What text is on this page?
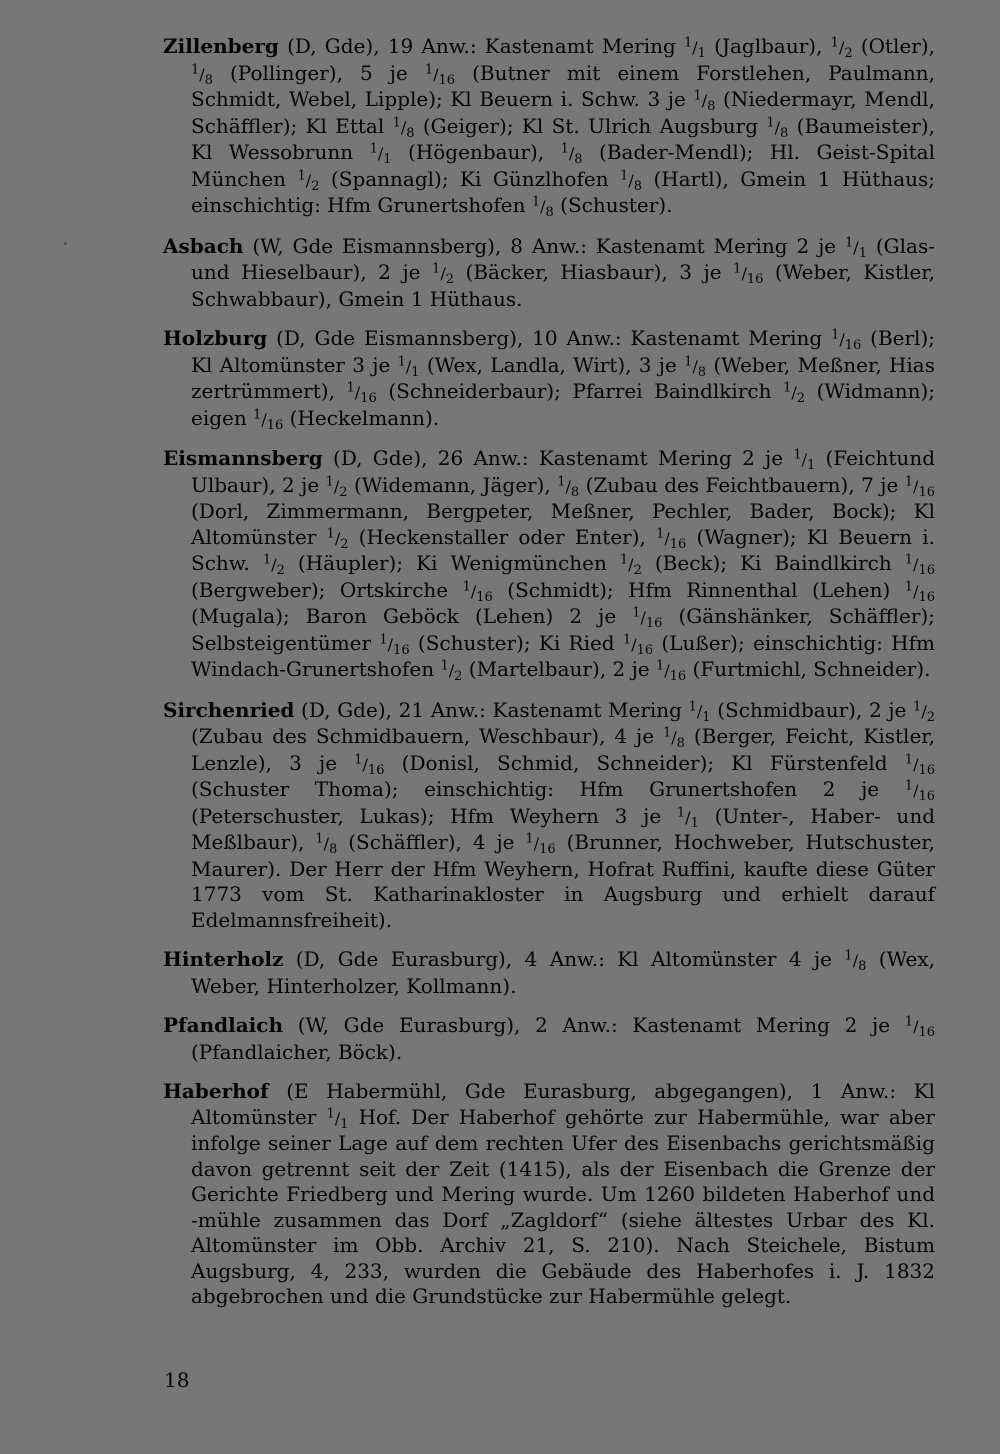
Zillenberg (D, Gde), 19 Anw.: Kastenamt Mering $^1/_1$ (Jaglbaur), $^1/_2$ (Otler), $^1/_8$ (Pollinger), 5 je $^1/_{16}$ (Butner mit einem Forstlehen, Paulmann, Schmidt, Webel, Lipple); Kl Beuern i. Schw. 3 je $^1/_8$ (Niedermayr, Mendl, Schäffler); Kl Ettal $^1/_8$ (Geiger); Kl St. Ulrich Augsburg $^1/_8$ (Baumeister), Kl Wessobrunn $^1/_1$ (Högenbaur), $^1/_8$ (Bader-Mendl); Hl. Geist-Spital München $^1/_2$ (Spannagl); Ki Günzlhofen $^1/_8$ (Hartl), Gmein 1 Hüthaus; einschichtig: Hfm Grunertshofen $^1/_8$ (Schuster).

Asbach (W, Gde Eismannsberg), 8 Anw.: Kastenamt Mering 2 je $^1/_1$ (Glas- und Hieselbaur), 2 je $^1/_2$ (Bäcker, Hiasbaur), 3 je $^1/_{16}$ (Weber, Kistler, Schwabbaur), Gmein 1 Hüthaus.

Holzburg (D, Gde Eismannsberg), 10 Anw.: Kastenamt Mering $^1/_{16}$ (Berl); Kl Altomünster 3 je $^1/_1$ (Wex, Landla, Wirt), 3 je $^1/_8$ (Weber, Meßner, Hias zertrümmert), $^1/_{16}$ (Schneiderbaur); Pfarrei Baindlkirch $^1/_2$ (Widmann); eigen $^1/_{16}$ (Heckelmann).

Eismannsberg (D, Gde), 26 Anw.: Kastenamt Mering 2 je $^1/_1$ (Feichtund Ulbaur), 2 je $^1/_2$ (Widemann, Jäger), $^1/_8$ (Zubau des Feichtbauern), 7 je $^1/_{16}$ (Dorl, Zimmermann, Bergpeter, Meßner, Pechler, Bader, Bock); Kl Altomünster $^1/_2$ (Heckenstaller oder Enter), $^1/_{16}$ (Wagner); Kl Beuern i. Schw. $^1/_2$ (Häupler); Ki Wenigmünchen $^1/_2$ (Beck); Ki Baindlkirch $^1/_{16}$ (Bergweber); Ortskirche $^1/_{16}$ (Schmidt); Hfm Rinnenthal (Lehen) $^1/_{16}$ (Mugala); Baron Geböck (Lehen) 2 je $^1/_{16}$ (Gänshänker, Schäffler); Selbsteigentümer $^1/_{16}$ (Schuster); Ki Ried $^1/_{16}$ (Lußer); einschichtig: Hfm Windach-Grunertshofen $^1/_2$ (Martelbaur), 2 je $^1/_{16}$ (Furtmichl, Schneider).

Sirchenried (D, Gde), 21 Anw.: Kastenamt Mering $^1/_1$ (Schmidbaur), 2 je $^1/_2$ (Zubau des Schmidbauern, Weschbaur), 4 je $^1/_8$ (Berger, Feicht, Kistler, Lenzle), 3 je $^1/_{16}$ (Donisl, Schmid, Schneider); Kl Fürstenfeld $^1/_{16}$ (Schuster Thoma); einschichtig: Hfm Grunertshofen 2 je $^1/_{16}$ (Peterschuster, Lukas); Hfm Weyhern 3 je $^1/_1$ (Unter-, Haber- und Meßlbaur), $^1/_8$ (Schäffler), 4 je $^1/_{16}$ (Brunner, Hochweber, Hutschuster, Maurer). Der Herr der Hfm Weyhern, Hofrat Ruffini, kaufte diese Güter 1773 vom St. Katharinakloster in Augsburg und erhielt darauf Edelmannsfreiheit).

Hinterholz (D, Gde Eurasburg), 4 Anw.: Kl Altomünster 4 je $^1/_8$ (Wex, Weber, Hinterholzer, Kollmann).

Pfandlaich (W, Gde Eurasburg), 2 Anw.: Kastenamt Mering 2 je $^1/_{16}$ (Pfandlaicher, Böck).

Haberhof (E Habermühl, Gde Eurasburg, abgegangen), 1 Anw.: Kl Altomünster $^1/_1$ Hof. Der Haberhof gehörte zur Habermühle, war aber infolge seiner Lage auf dem rechten Ufer des Eisenbachs gerichtsmäßig davon getrennt seit der Zeit (1415), als der Eisenbach die Grenze der Gerichte Friedberg und Mering wurde. Um 1260 bildeten Haberhof und -mühle zusammen das Dorf „Zagldorf“ (siehe ältestes Urbar des Kl. Altomünster im Obb. Archiv 21, S. 210). Nach Steichele, Bistum Augsburg, 4, 233, wurden die Gebäude des Haberhofes i. J. 1832 abgebrochen und die Grundstücke zur Habermühle gelegt.

18
